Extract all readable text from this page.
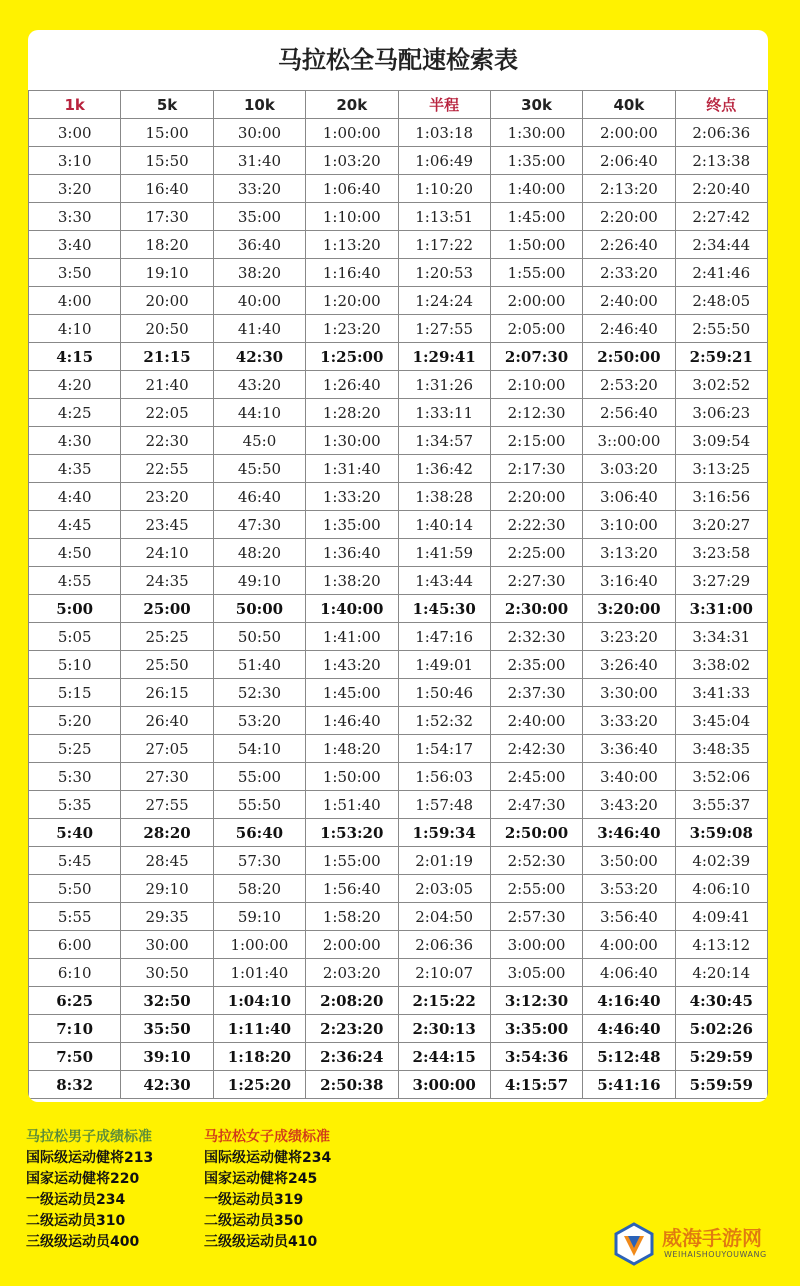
马拉松全马配速检索表
1k	5k	10k	20k	半程	30k	40k	终点
3:00	15:00	30:00	1:00:00	1:03:18	1:30:00	2:00:00	2:06:36
3:10	15:50	31:40	1:03:20	1:06:49	1:35:00	2:06:40	2:13:38
3:20	16:40	33:20	1:06:40	1:10:20	1:40:00	2:13:20	2:20:40
3:30	17:30	35:00	1:10:00	1:13:51	1:45:00	2:20:00	2:27:42
3:40	18:20	36:40	1:13:20	1:17:22	1:50:00	2:26:40	2:34:44
3:50	19:10	38:20	1:16:40	1:20:53	1:55:00	2:33:20	2:41:46
4:00	20:00	40:00	1:20:00	1:24:24	2:00:00	2:40:00	2:48:05
4:10	20:50	41:40	1:23:20	1:27:55	2:05:00	2:46:40	2:55:50
4:15	21:15	42:30	1:25:00	1:29:41	2:07:30	2:50:00	2:59:21
4:20	21:40	43:20	1:26:40	1:31:26	2:10:00	2:53:20	3:02:52
4:25	22:05	44:10	1:28:20	1:33:11	2:12:30	2:56:40	3:06:23
4:30	22:30	45:0	1:30:00	1:34:57	2:15:00	3::00:00	3:09:54
4:35	22:55	45:50	1:31:40	1:36:42	2:17:30	3:03:20	3:13:25
4:40	23:20	46:40	1:33:20	1:38:28	2:20:00	3:06:40	3:16:56
4:45	23:45	47:30	1:35:00	1:40:14	2:22:30	3:10:00	3:20:27
4:50	24:10	48:20	1:36:40	1:41:59	2:25:00	3:13:20	3:23:58
4:55	24:35	49:10	1:38:20	1:43:44	2:27:30	3:16:40	3:27:29
5:00	25:00	50:00	1:40:00	1:45:30	2:30:00	3:20:00	3:31:00
5:05	25:25	50:50	1:41:00	1:47:16	2:32:30	3:23:20	3:34:31
5:10	25:50	51:40	1:43:20	1:49:01	2:35:00	3:26:40	3:38:02
5:15	26:15	52:30	1:45:00	1:50:46	2:37:30	3:30:00	3:41:33
5:20	26:40	53:20	1:46:40	1:52:32	2:40:00	3:33:20	3:45:04
5:25	27:05	54:10	1:48:20	1:54:17	2:42:30	3:36:40	3:48:35
5:30	27:30	55:00	1:50:00	1:56:03	2:45:00	3:40:00	3:52:06
5:35	27:55	55:50	1:51:40	1:57:48	2:47:30	3:43:20	3:55:37
5:40	28:20	56:40	1:53:20	1:59:34	2:50:00	3:46:40	3:59:08
5:45	28:45	57:30	1:55:00	2:01:19	2:52:30	3:50:00	4:02:39
5:50	29:10	58:20	1:56:40	2:03:05	2:55:00	3:53:20	4:06:10
5:55	29:35	59:10	1:58:20	2:04:50	2:57:30	3:56:40	4:09:41
6:00	30:00	1:00:00	2:00:00	2:06:36	3:00:00	4:00:00	4:13:12
6:10	30:50	1:01:40	2:03:20	2:10:07	3:05:00	4:06:40	4:20:14
6:25	32:50	1:04:10	2:08:20	2:15:22	3:12:30	4:16:40	4:30:45
7:10	35:50	1:11:40	2:23:20	2:30:13	3:35:00	4:46:40	5:02:26
7:50	39:10	1:18:20	2:36:24	2:44:15	3:54:36	5:12:48	5:29:59
8:32	42:30	1:25:20	2:50:38	3:00:00	4:15:57	5:41:16	5:59:59
马拉松男子成绩标准
国际级运动健将213
国家运动健将220
一级运动员234
二级运动员310
三级级运动员400
马拉松女子成绩标准
国际级运动健将234
国家运动健将245
一级运动员319
二级运动员350
三级级运动员410	威海手游网
WEIHAISHOUYOUWANG
